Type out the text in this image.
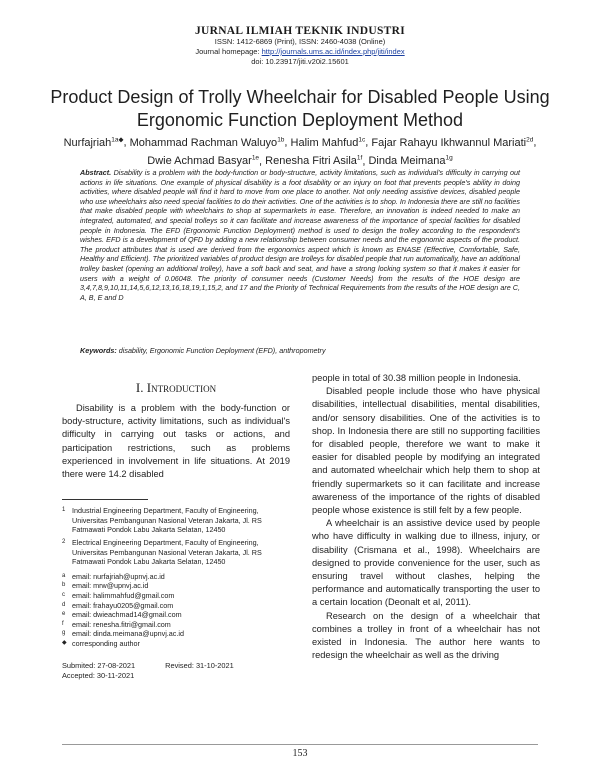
JURNAL ILMIAH TEKNIK INDUSTRI
ISSN: 1412-6869 (Print), ISSN: 2460-4038 (Online)
Journal homepage: http://journals.ums.ac.id/index.php/jiti/index
doi: 10.23917/jiti.v20i2.15601
Product Design of Trolly Wheelchair for Disabled People Using Ergonomic Function Deployment Method
Nurfajriah$^{1a◆}$, Mohammad Rachman Waluyo$^{1b}$, Halim Mahfud$^{1c}$, Fajar Rahayu Ikhwannul Mariati$^{2d}$, Dwie Achmad Basyar$^{1e}$, Renesha Fitri Asila$^{1f}$, Dinda Meimana$^{1g}$
Abstract. Disability is a problem with the body-function or body-structure, activity limitations, such as individual's difficulty in carrying out actions in life situations. One example of physical disability is a foot disability or an injury on foot that prevents people's ability in doing activities, where disabled people will find it hard to move from one place to another. Not only needing assistive devices, disabled people who use wheelchairs also need special facilities to do their activities. One of the activities is to shop. In Indonesia there are still no facilities that make disabled people with wheelchairs to shop at supermarkets in ease. Therefore, an innovation is indeed needed to make an integrated, automated, and special trolleys so it can facilitate and increase awareness of the importance of special facilities for disabled people in Indonesia. The EFD (Ergonomic Function Deployment) method is used to design the trolley according to the respondent's wishes. EFD is a development of QFD by adding a new relationship between consumer needs and the ergonomic aspects of the product. The product attributes that is used are derived from the ergonomics aspect which is known as ENASE (Effective, Comfortable, Safe, Healthy and Efficient). The prioritized variables of product design are trolleys for disabled people that run automatically, have an additional trolley basket (opening an additional trolley), have a soft back and seat, and have a strong locking system so that it makes it easier for users with a weight of 0.06048. The priority of consumer needs (Customer Needs) from the results of the HOE design are 3,4,7,8,9,10,11,14,5,6,12,13,16,18,19,1,15,2, and 17 and the Priority of Technical Requirements from the results of the HOE design are C, A, B, E and D
Keywords: disability, Ergonomic Function Deployment (EFD), anthropometry
I. Introduction

Disability is a problem with the body-function or body-structure, activity limitations, such as individual's difficulty in carrying out tasks or actions, and participation restrictions, such as problems experienced in involvement in life situations. At 2019 there were 14.2 disabled

1 Industrial Engineering Department, Faculty of Engineering, Universitas Pembangunan Nasional Veteran Jakarta, Jl. RS Fatmawati Pondok Labu Jakarta Selatan, 12450
2 Electrical Engineering Department, Faculty of Engineering, Universitas Pembangunan Nasional Veteran Jakarta, Jl. RS Fatmawati Pondok Labu Jakarta Selatan, 12450
a email: nurfajriah@upnvj.ac.id
b email: mrw@upnvj.ac.id
c email: halimmahfud@gmail.com
d email: frahayu0205@gmail.com
e email: dwieachmad14@gmail.com
f	email: renesha.fitri@gmail.com
g email: dinda.meimana@upnvj.ac.id
◆ corresponding author
Submited: 27-08-2021	Revised: 31-10-2021
Accepted: 30-11-2021

people in total of 30.38 million people in Indonesia.

Disabled people include those who have physical disabilities, intellectual disabilities, mental disabilities, and/or sensory disabilities. One of the activities is to shop. In Indonesia there are still no supporting facilities for disabled people, therefore we want to make it easier for disabled people by modifying an integrated and automated wheelchair which help them to shop at friendly supermarkets so it can facilitate and increase awareness of the importance of the rights of disabled people whose existence is still felt by a few people.

A wheelchair is an assistive device used by people who have difficulty in walking due to illness, injury, or disability (Crismana et al., 1998). Wheelchairs are designed to provide convenience for the user, such as ensuring travel without clashes, helping the performance and automatically transporting the user to a certain location (Deonalt et al, 2011).

Research on the design of a wheelchair that combines a trolley in front of a wheelchair has not existed in Indonesia. The author here wants to redesign the wheelchair as well as the driving

153
